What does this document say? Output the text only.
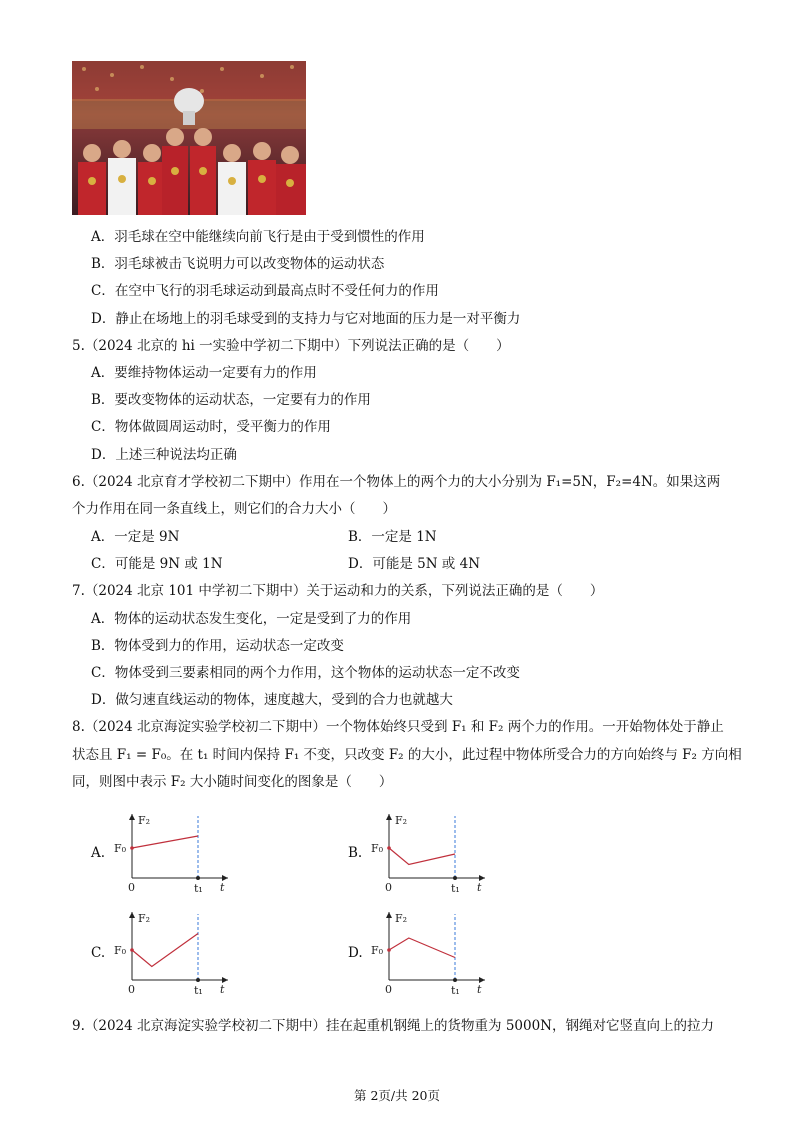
A．羽毛球在空中能继续向前飞行是由于受到惯性的作用
B．羽毛球被击飞说明力可以改变物体的运动状态
C．在空中飞行的羽毛球运动到最高点时不受任何力的作用
D．静止在场地上的羽毛球受到的支持力与它对地面的压力是一对平衡力
5.（2024 北京的 hi 一实验中学初二下期中）下列说法正确的是（　　）
A．要维持物体运动一定要有力的作用
B．要改变物体的运动状态，一定要有力的作用
C．物体做圆周运动时，受平衡力的作用
D．上述三种说法均正确
6.（2024 北京育才学校初二下期中）作用在一个物体上的两个力的大小分别为 F₁=5N，F₂=4N。如果这两
个力作用在同一条直线上，则它们的合力大小（　　）
A．一定是 9N	B．一定是 1N
C．可能是 9N 或 1N	D．可能是 5N 或 4N
7.（2024 北京 101 中学初二下期中）关于运动和力的关系，下列说法正确的是（　　）
A．物体的运动状态发生变化，一定是受到了力的作用
B．物体受到力的作用，运动状态一定改变
C．物体受到三要素相同的两个力作用，这个物体的运动状态一定不改变
D．做匀速直线运动的物体，速度越大，受到的合力也就越大
8.（2024 北京海淀实验学校初二下期中）一个物体始终只受到 F₁ 和 F₂ 两个力的作用。一开始物体处于静止
状态且 F₁ = F₀。在 t₁ 时间内保持 F₁ 不变，只改变 F₂ 的大小，此过程中物体所受合力的方向始终与 F₂ 方向相
同，则图中表示 F₂ 大小随时间变化的图象是（　　）
A.	B.
C.	D.
F₀
F₂
0	t₁ t
F₀
F₂
0	t₁ t
F₀
F₂
0	t₁ t
F₀
F₂
0	t₁ t
9.（2024 北京海淀实验学校初二下期中）挂在起重机钢绳上的货物重为 5000N，钢绳对它竖直向上的拉力
第 2页/共 20页
